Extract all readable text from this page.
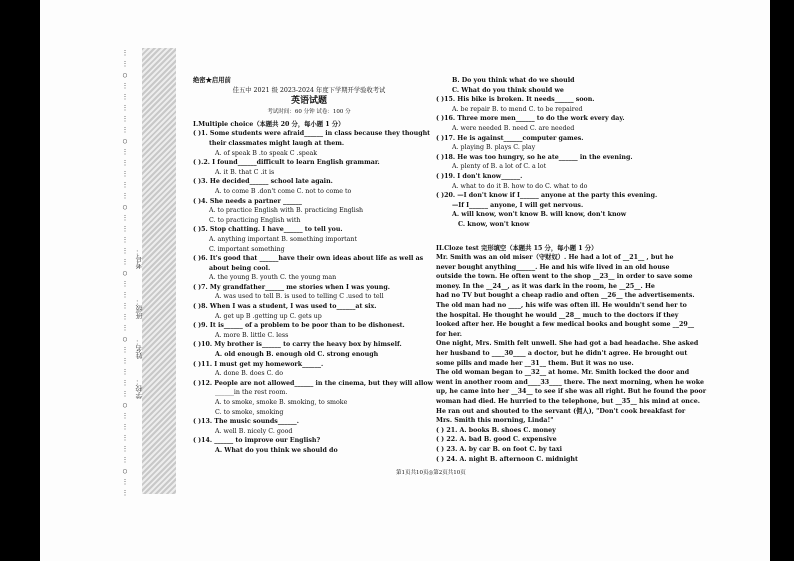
⋮
⋮
○
⋮
⋮
⋮
⋮
⋮
○
⋮
⋮
⋮
⋮
⋮
○
⋮
⋮
⋮
⋮
⋮
○
⋮
⋮
⋮
⋮
⋮
○
⋮
⋮
⋮
⋮
⋮
○
⋮
⋮
⋮
⋮
⋮
○
⋮
⋮
学校：
姓名：
班级：
考号：
绝密★启用前
佳五中 2021 级 2023-2024 年度下学期开学验收考试
英语试题
考试时间：60 分钟 试卷：100 分
I.Multiple choice（本题共 20 分，每小题 1 分）
( )1. Some students were afraid______ in class because they thought
their classmates might laugh at them.
A. of speak B .to speak C .speak
( ).2. I found______difficult to learn English grammar.
A. it B. that C .it is
( )3. He decided______ school late again.
A. to come B .don't come C. not to come to
( )4. She needs a partner ______
A. to practice English with B. practicing English
C. to practicing English with
( )5. Stop chatting. I have______ to tell you.
A. anything important B. something important
C. important something
( )6. It's good that ______have their own ideas about life as well as
about being cool.
A. the young B. youth C. the young man
( )7. My grandfather______ me stories when I was young.
A. was used to tell B. is used to telling C .used to tell
( )8. When I was a student, I was used to______at six.
A. get up B .getting up C. gets up
( )9. It is______ of a problem to be poor than to be dishonest.
A. more B. little C. less
( )10. My brother is______ to carry the heavy box by himself.
A. old enough B. enough old C. strong enough
( )11. I must get my homework______.
A. done B. does C. do
( )12. People are not allowed______ in the cinema, but they will allow
______in the rest room.
A. to smoke, smoke B. smoking, to smoke
C. to smoke, smoking
( )13. The music sounds______.
A. well B. nicely C. good
( )14. ______ to improve our English?
A. What do you think we should do
B. Do you think what do we should
C. What do you think should we
( )15. His bike is broken. It needs______ soon.
A. be repair B. to mend C. to be repaired
( )16. Three more men______ to do the work every day.
A. were needed B. need C. are needed
( )17. He is against______computer games.
A. playing B. plays C. play
( )18. He was too hungry, so he ate______ in the evening.
A. plenty of B. a lot of C. a lot
( )19. I don't know______.
A. what to do it B. how to do C. what to do
( )20. —I don't know if I______ anyone at the party this evening.
—If I______ anyone, I will get nervous.
A. will know, won't know B. will know, don't know
C. know, won't know
II.Cloze test 完形填空（本题共 15 分，每小题 1 分）
Mr. Smith was an old miser（守财奴）. He had a lot of __21__ , but he
never bought anything______. He and his wife lived in an old house
outside the town. He often went to the shop __23__ in order to save some
money. In the __24__, as it was dark in the room, he __25__. He
had no TV but bought a cheap radio and often __26__ the advertisements.
The old man had no ____, his wife was often ill. He wouldn't send her to
the hospital. He thought he would __28__ much to the doctors if they
looked after her. He bought a few medical books and bought some __29__
for her.
One night, Mrs. Smith felt unwell. She had got a bad headache. She asked
her husband to ____30____ a doctor, but he didn't agree. He brought out
some pills and made her __31__ them. But it was no use.
The old woman began to __32__ at home. Mr. Smith locked the door and
went in another room and____33____ there. The next morning, when he woke
up, he came into her __34__ to see if she was all right. But he found the poor
woman had died. He hurried to the telephone, but __35__ his mind at once.
He ran out and shouted to the servant (佣人), "Don't cook breakfast for
Mrs. Smith this morning, Linda!"
( ) 21. A. books B. shoes C. money
( ) 22. A. bad B. good C. expensive
( ) 23. A. by car B. on foot C. by taxi
( ) 24. A. night B. afternoon C. midnight
第1页共10页◎第2页共10页
